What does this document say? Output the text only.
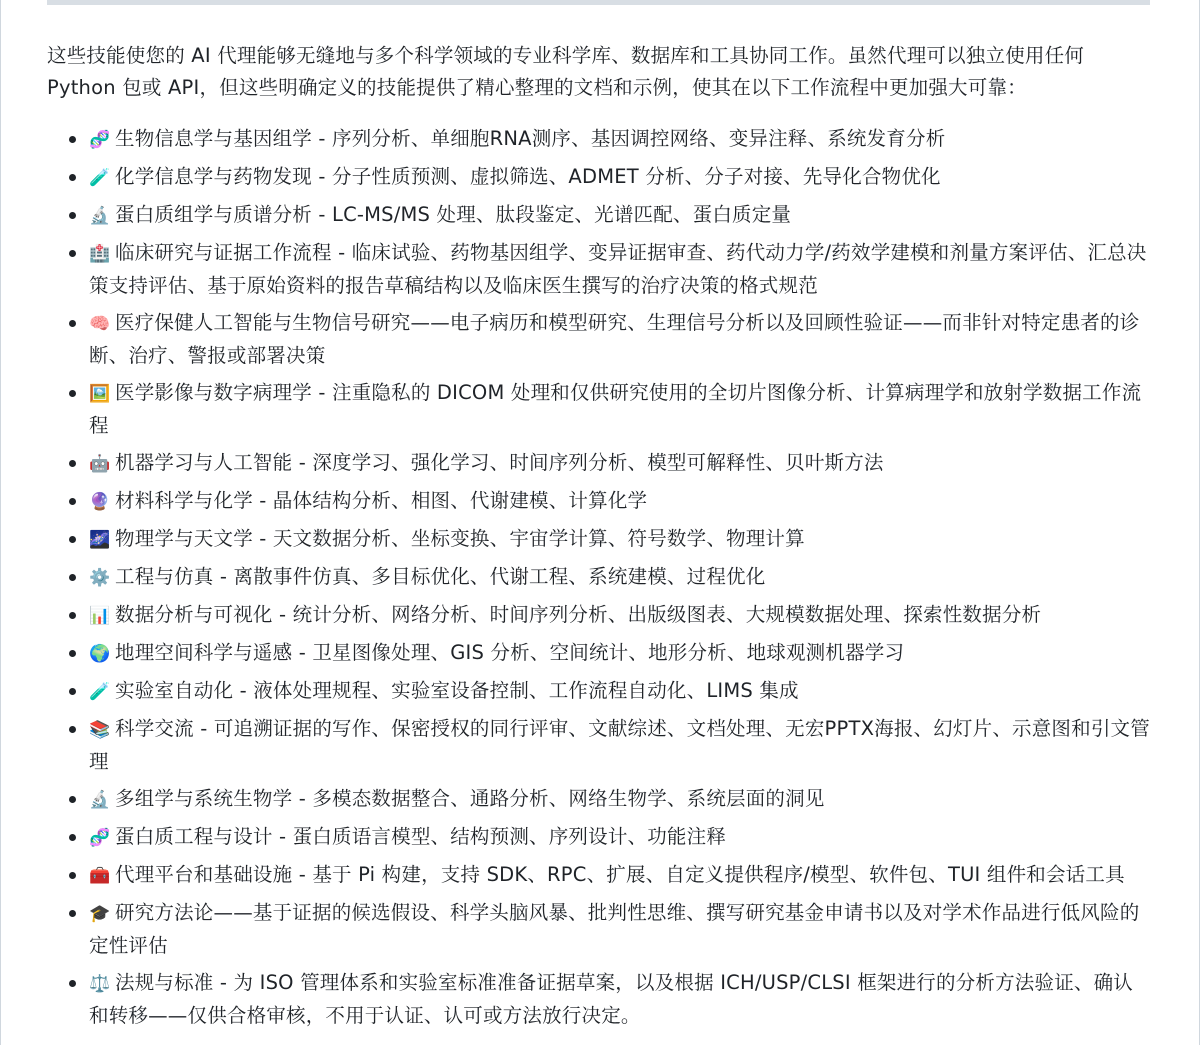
这些技能使您的 AI 代理能够无缝地与多个科学领域的专业科学库、数据库和工具协同工作。虽然代理可以独立使用任何 Python 包或 API，但这些明确定义的技能提供了精心整理的文档和示例，使其在以下工作流程中更加强大可靠：

🧬 生物信息学与基因组学 - 序列分析、单细胞RNA测序、基因调控网络、变异注释、系统发育分析
🧪 化学信息学与药物发现 - 分子性质预测、虚拟筛选、ADMET 分析、分子对接、先导化合物优化
🔬 蛋白质组学与质谱分析 - LC-MS/MS 处理、肽段鉴定、光谱匹配、蛋白质定量
🏥 临床研究与证据工作流程 - 临床试验、药物基因组学、变异证据审查、药代动力学/药效学建模和剂量方案评估、汇总决策支持评估、基于原始资料的报告草稿结构以及临床医生撰写的治疗决策的格式规范
🧠 医疗保健人工智能与生物信号研究——电子病历和模型研究、生理信号分析以及回顾性验证——而非针对特定患者的诊断、治疗、警报或部署决策
🖼️ 医学影像与数字病理学 - 注重隐私的 DICOM 处理和仅供研究使用的全切片图像分析、计算病理学和放射学数据工作流程
🤖 机器学习与人工智能 - 深度学习、强化学习、时间序列分析、模型可解释性、贝叶斯方法
🔮 材料科学与化学 - 晶体结构分析、相图、代谢建模、计算化学
🌌 物理学与天文学 - 天文数据分析、坐标变换、宇宙学计算、符号数学、物理计算
⚙️ 工程与仿真 - 离散事件仿真、多目标优化、代谢工程、系统建模、过程优化
📊 数据分析与可视化 - 统计分析、网络分析、时间序列分析、出版级图表、大规模数据处理、探索性数据分析
🌍 地理空间科学与遥感 - 卫星图像处理、GIS 分析、空间统计、地形分析、地球观测机器学习
🧪 实验室自动化 - 液体处理规程、实验室设备控制、工作流程自动化、LIMS 集成
📚 科学交流 - 可追溯证据的写作、保密授权的同行评审、文献综述、文档处理、无宏PPTX海报、幻灯片、示意图和引文管理
🔬 多组学与系统生物学 - 多模态数据整合、通路分析、网络生物学、系统层面的洞见
🧬 蛋白质工程与设计 - 蛋白质语言模型、结构预测、序列设计、功能注释
🧰 代理平台和基础设施 - 基于 Pi 构建，支持 SDK、RPC、扩展、自定义提供程序/模型、软件包、TUI 组件和会话工具
🎓 研究方法论——基于证据的候选假设、科学头脑风暴、批判性思维、撰写研究基金申请书以及对学术作品进行低风险的定性评估
⚖️ 法规与标准 - 为 ISO 管理体系和实验室标准准备证据草案，以及根据 ICH/USP/CLSI 框架进行的分析方法验证、确认和转移——仅供合格审核，不用于认证、认可或方法放行决定。
